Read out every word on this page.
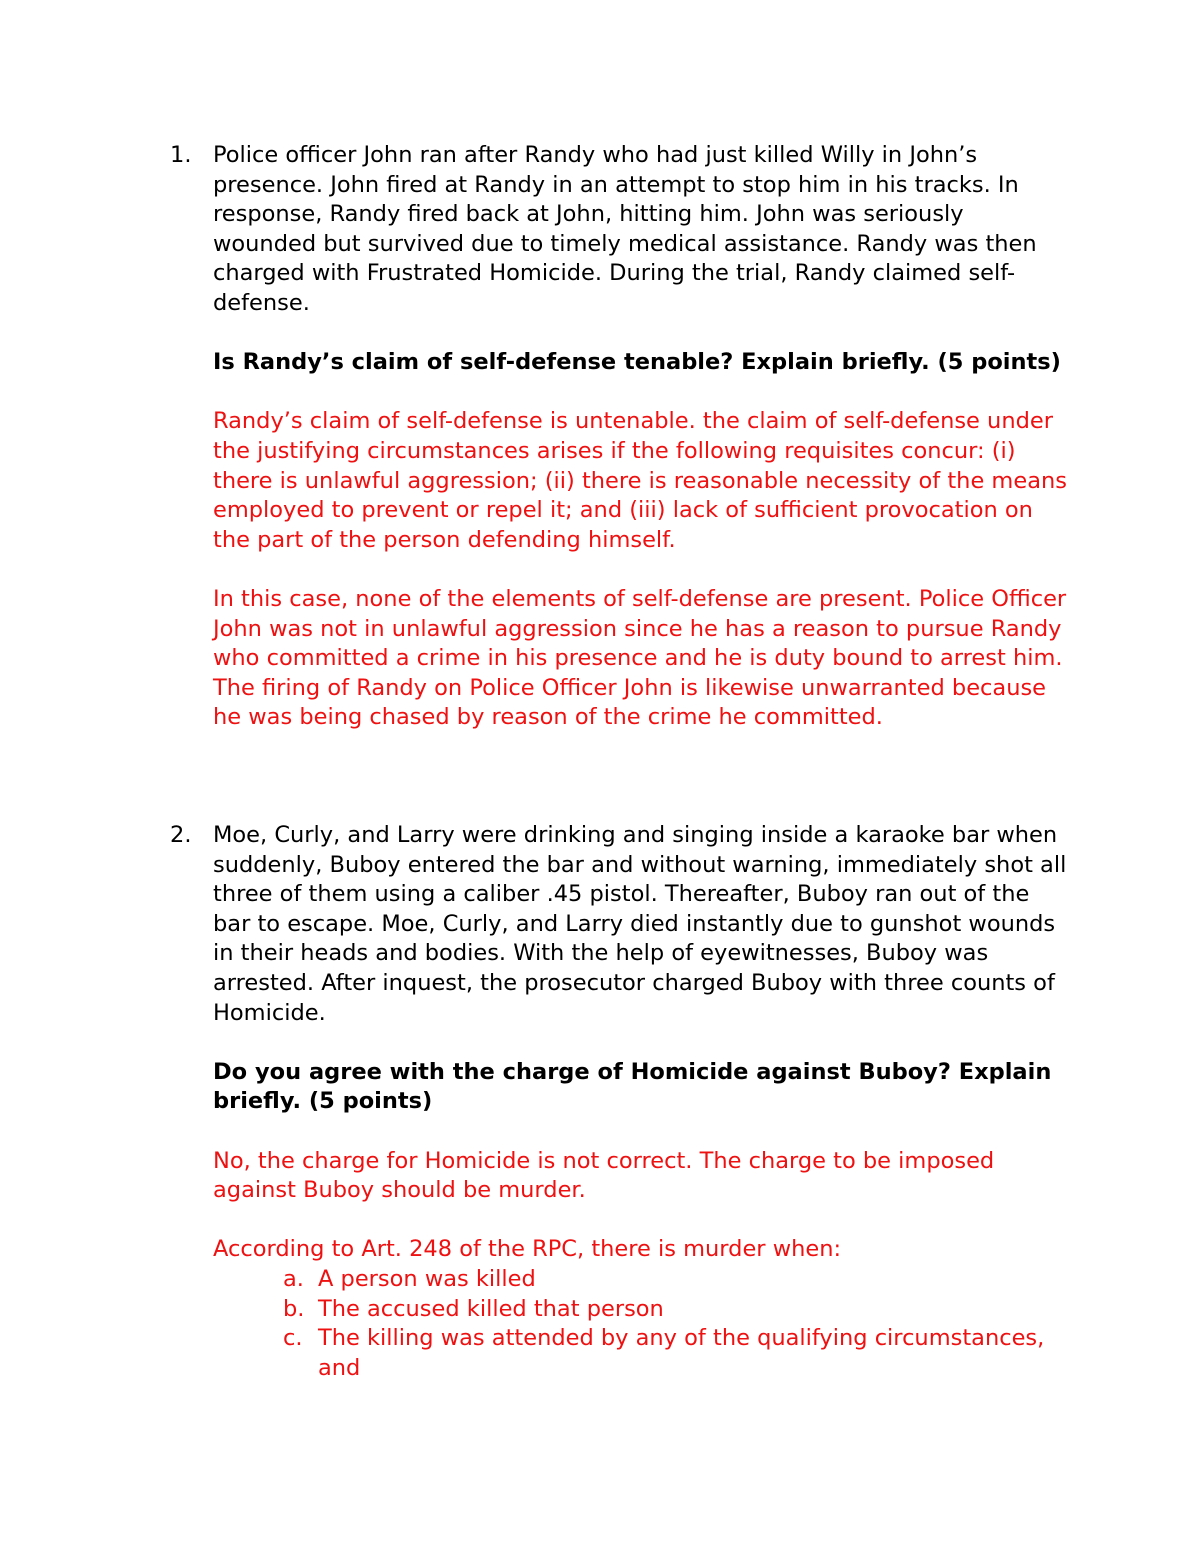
1. Police officer John ran after Randy who had just killed Willy in John’s presence. John fired at Randy in an attempt to stop him in his tracks. In response, Randy fired back at John, hitting him. John was seriously wounded but survived due to timely medical assistance. Randy was then charged with Frustrated Homicide. During the trial, Randy claimed self-defense.
Is Randy’s claim of self-defense tenable? Explain briefly. (5 points)
Randy’s claim of self-defense is untenable. the claim of self-defense under the justifying circumstances arises if the following requisites concur: (i) there is unlawful aggression; (ii) there is reasonable necessity of the means employed to prevent or repel it; and (iii) lack of sufficient provocation on the part of the person defending himself.
In this case, none of the elements of self-defense are present. Police Officer John was not in unlawful aggression since he has a reason to pursue Randy who committed a crime in his presence and he is duty bound to arrest him. The firing of Randy on Police Officer John is likewise unwarranted because he was being chased by reason of the crime he committed.
2. Moe, Curly, and Larry were drinking and singing inside a karaoke bar when suddenly, Buboy entered the bar and without warning, immediately shot all three of them using a caliber .45 pistol. Thereafter, Buboy ran out of the bar to escape. Moe, Curly, and Larry died instantly due to gunshot wounds in their heads and bodies. With the help of eyewitnesses, Buboy was arrested. After inquest, the prosecutor charged Buboy with three counts of Homicide.
Do you agree with the charge of Homicide against Buboy? Explain briefly. (5 points)
No, the charge for Homicide is not correct. The charge to be imposed against Buboy should be murder.
According to Art. 248 of the RPC, there is murder when:
a. A person was killed
b. The accused killed that person
c. The killing was attended by any of the qualifying circumstances, and
